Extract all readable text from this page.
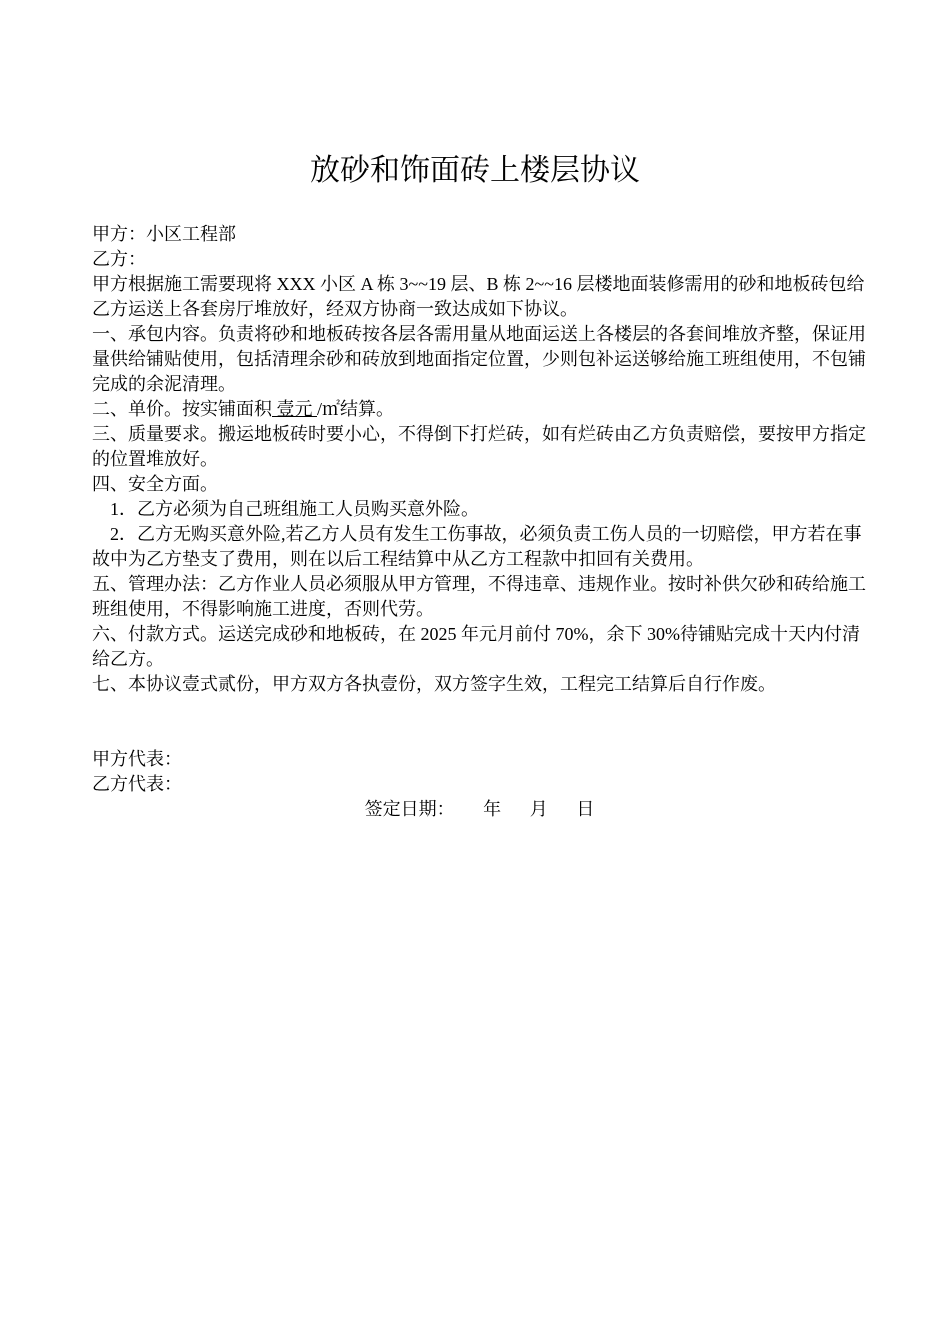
放砂和饰面砖上楼层协议

甲方：小区工程部

乙方：

甲方根据施工需要现将 XXX 小区 A 栋 3~~19 层、B 栋 2~~16 层楼地面装修需用的砂和地板砖包给乙方运送上各套房厅堆放好，经双方协商一致达成如下协议。

一、承包内容。负责将砂和地板砖按各层各需用量从地面运送上各楼层的各套间堆放齐整，保证用量供给铺贴使用，包括清理余砂和砖放到地面指定位置，少则包补运送够给施工班组使用，不包铺完成的余泥清理。

二、单价。按实铺面积 壹元 /㎡结算。

三、质量要求。搬运地板砖时要小心，不得倒下打烂砖，如有烂砖由乙方负责赔偿，要按甲方指定的位置堆放好。

四、安全方面。

1．乙方必须为自己班组施工人员购买意外险。

2．乙方无购买意外险,若乙方人员有发生工伤事故，必须负责工伤人员的一切赔偿，甲方若在事故中为乙方垫支了费用，则在以后工程结算中从乙方工程款中扣回有关费用。

五、管理办法：乙方作业人员必须服从甲方管理，不得违章、违规作业。按时补供欠砂和砖给施工班组使用，不得影响施工进度，否则代劳。

六、付款方式。运送完成砂和地板砖，在 2025 年元月前付 70%，余下 30%待铺贴完成十天内付清给乙方。

七、本协议壹式贰份，甲方双方各执壹份，双方签字生效，工程完工结算后自行作废。

甲方代表：

乙方代表：

签定日期：     年     月     日
